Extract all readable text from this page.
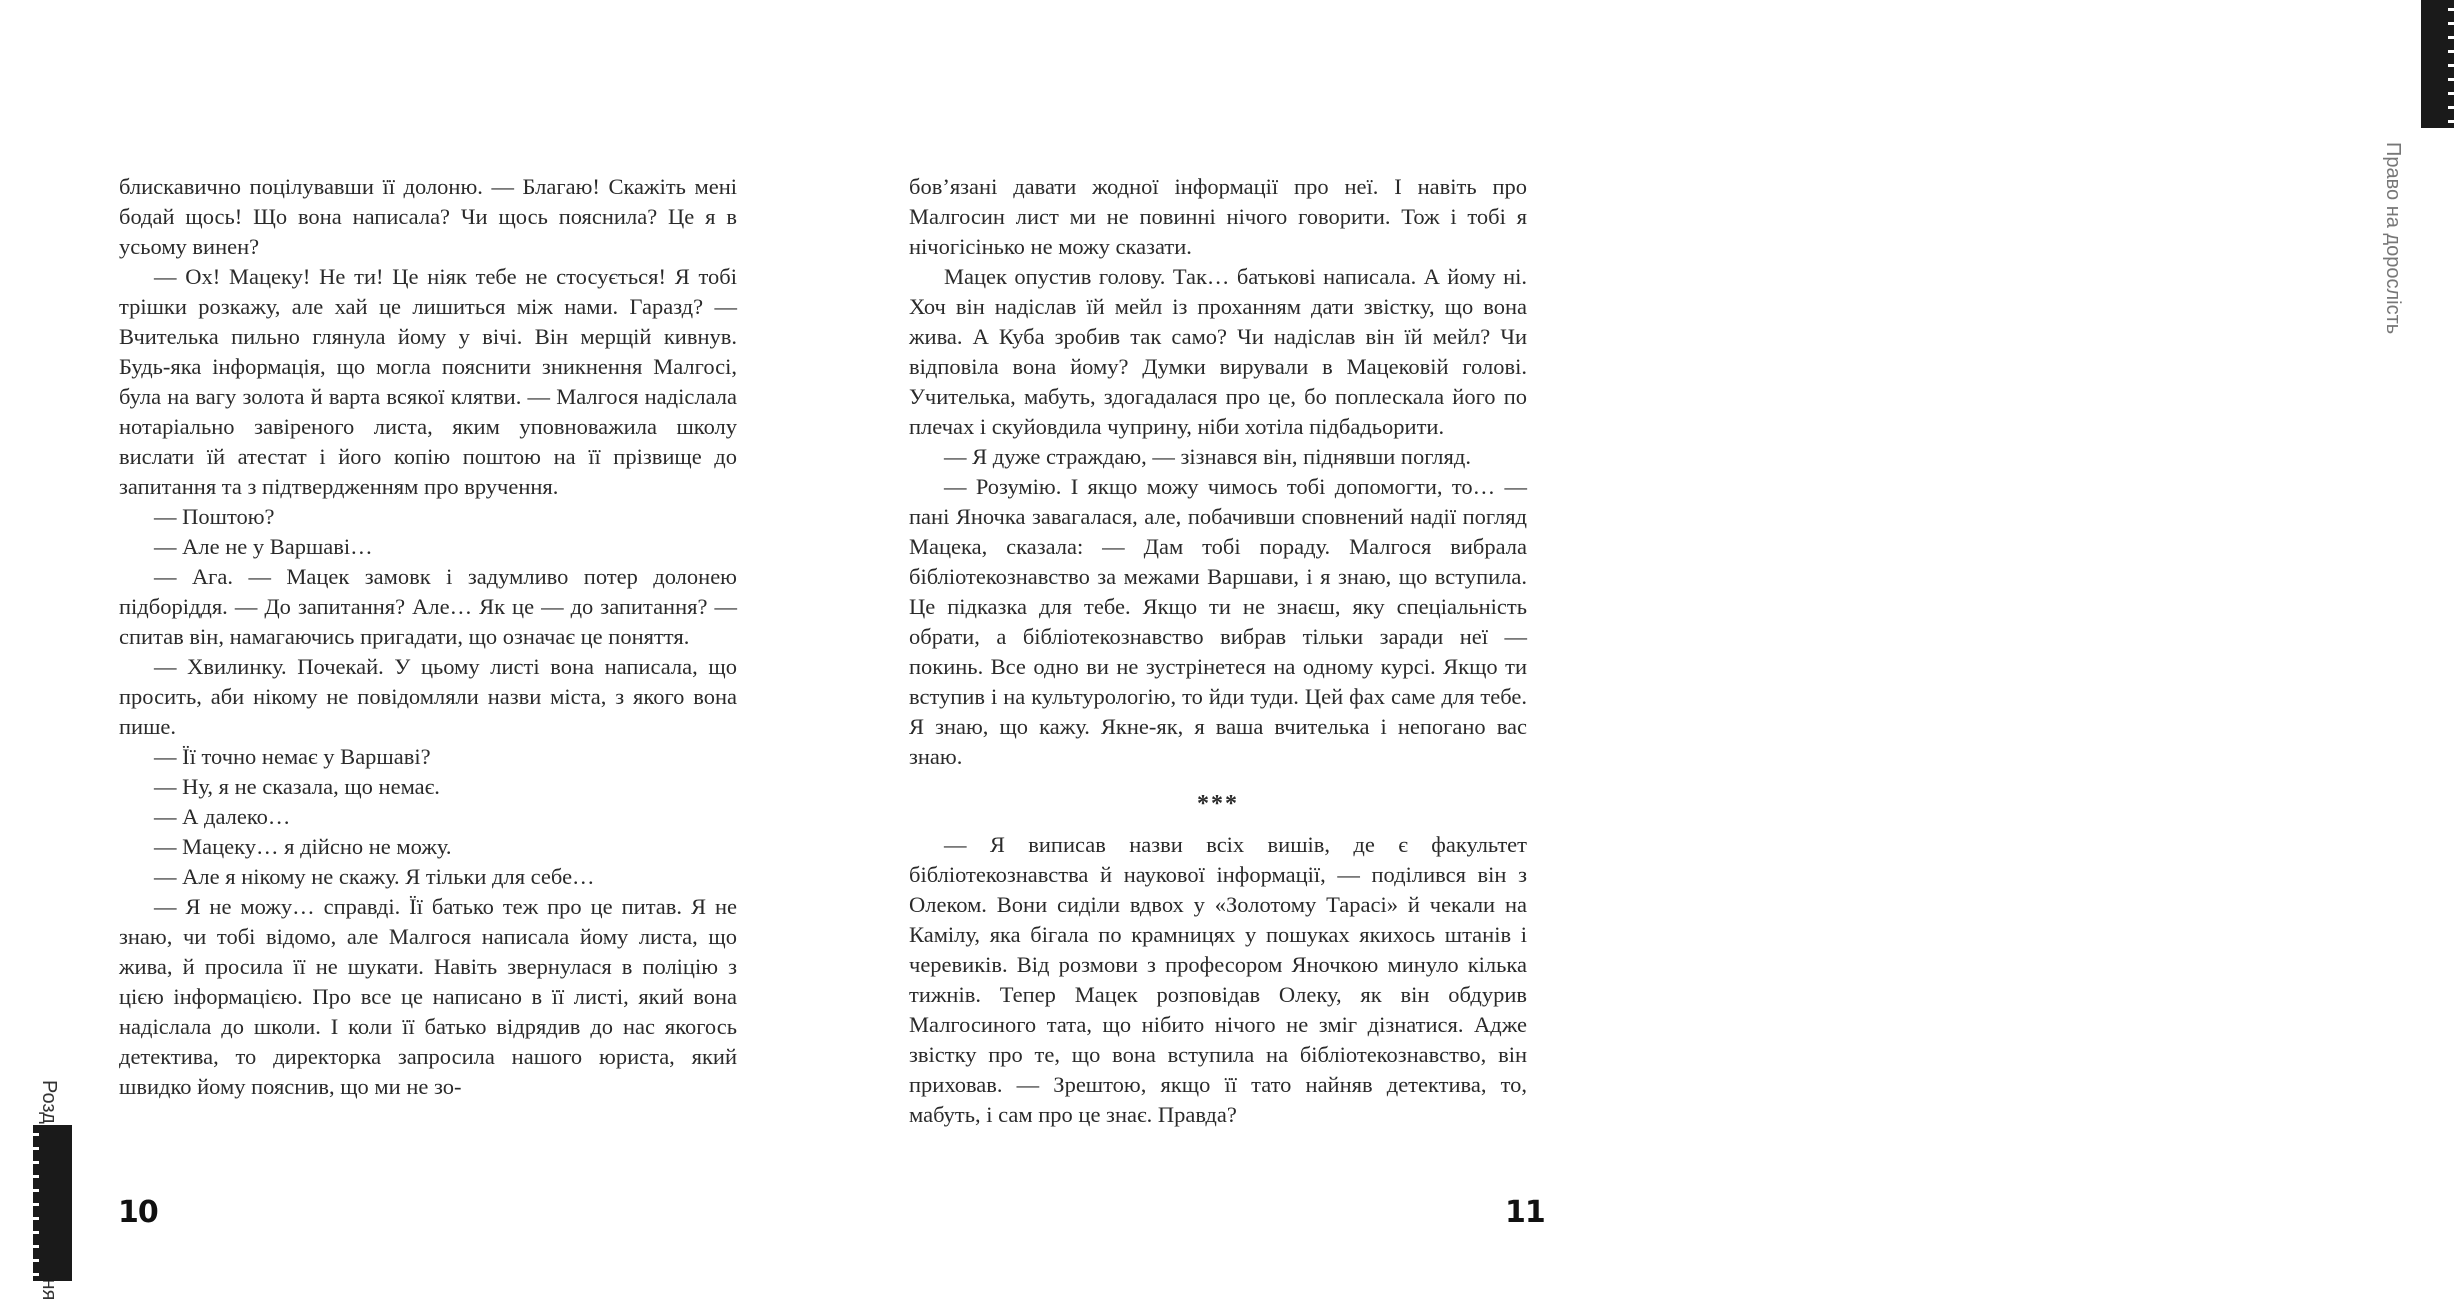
блискавично поцілувавши її долоню. — Благаю! Скажіть мені бодай щось! Що вона написала? Чи щось пояснила? Це я в усьому винен?

— Ох! Мацеку! Не ти! Це ніяк тебе не стосується! Я тобі трішки розкажу, але хай це лишиться між нами. Гаразд? — Вчителька пильно глянула йому у вічі. Він мерщій кивнув. Будь-яка інформація, що могла пояснити зникнення Малгосі, була на вагу золота й варта всякої клятви. — Малгося надіслала нотаріально завіреного листа, яким уповноважила школу вислати їй атестат і його копію поштою на її прізвище до запитання та з підтвердженням про вручення.

— Поштою?

— Але не у Варшаві…

— Ага. — Мацек замовк і задумливо потер долонею підборіддя. — До запитання? Але… Як це — до запитання? — спитав він, намагаючись пригадати, що означає це поняття.

— Хвилинку. Почекай. У цьому листі вона написала, що просить, аби нікому не повідомляли назви міста, з якого вона пише.

— Її точно немає у Варшаві?

— Ну, я не сказала, що немає.

— А далеко…

— Мацеку… я дійсно не можу.

— Але я нікому не скажу. Я тільки для себе…

— Я не можу… справді. Її батько теж про це питав. Я не знаю, чи тобі відомо, але Малгося написала йому листа, що жива, й просила її не шукати. Навіть звернулася в поліцію з цією інформацією. Про все це написано в її листі, який вона надіслала до школи. І коли її батько відрядив до нас якогось детектива, то директорка запросила нашого юриста, який швидко йому пояснив, що ми не зо-

10

бов’язані давати жодної інформації про неї. І навіть про Малгосин лист ми не повинні нічого говорити. Тож і тобі я нічогісінько не можу сказати.

Мацек опустив голову. Так… батькові написала. А йому ні. Хоч він надіслав їй мейл із проханням дати звістку, що вона жива. А Куба зробив так само? Чи надіслав він їй мейл? Чи відповіла вона йому? Думки вирували в Мацековій голові. Учителька, мабуть, здогадалася про це, бо поплескала його по плечах і скуйовдила чуприну, ніби хотіла підбадьорити.

— Я дуже страждаю, — зізнався він, піднявши погляд.

— Розумію. І якщо можу чимось тобі допомогти, то… — пані Яночка завагалася, але, побачивши сповнений надії погляд Мацека, сказала: — Дам тобі пораду. Малгося вибрала бібліотекознавство за межами Варшави, і я знаю, що вступила. Це підказка для тебе. Якщо ти не знаєш, яку спеціальність обрати, а бібліотекознавство вибрав тільки заради неї — покинь. Все одно ви не зустрінетеся на одному курсі. Якщо ти вступив і на культурологію, то йди туди. Цей фах саме для тебе. Я знаю, що кажу. Якне-як, я ваша вчителька і непогано вас знаю.

***

— Я виписав назви всіх вишів, де є факультет бібліотекознавства й наукової інформації, — поділився він з Олеком. Вони сиділи вдвох у «Золотому Тарасі» й чекали на Камілу, яка бігала по крамницях у пошуках якихось штанів і черевиків. Від розмови з професором Яночкою минуло кілька тижнів. Тепер Мацек розповідав Олеку, як він обдурив Малгосиного тата, що нібито нічого не зміг дізнатися. Адже звістку про те, що вона вступила на бібліотекознавство, він приховав. — Зрештою, якщо її тато найняв детектива, то, мабуть, і сам про це знає. Правда?

Право на дорослість
11
